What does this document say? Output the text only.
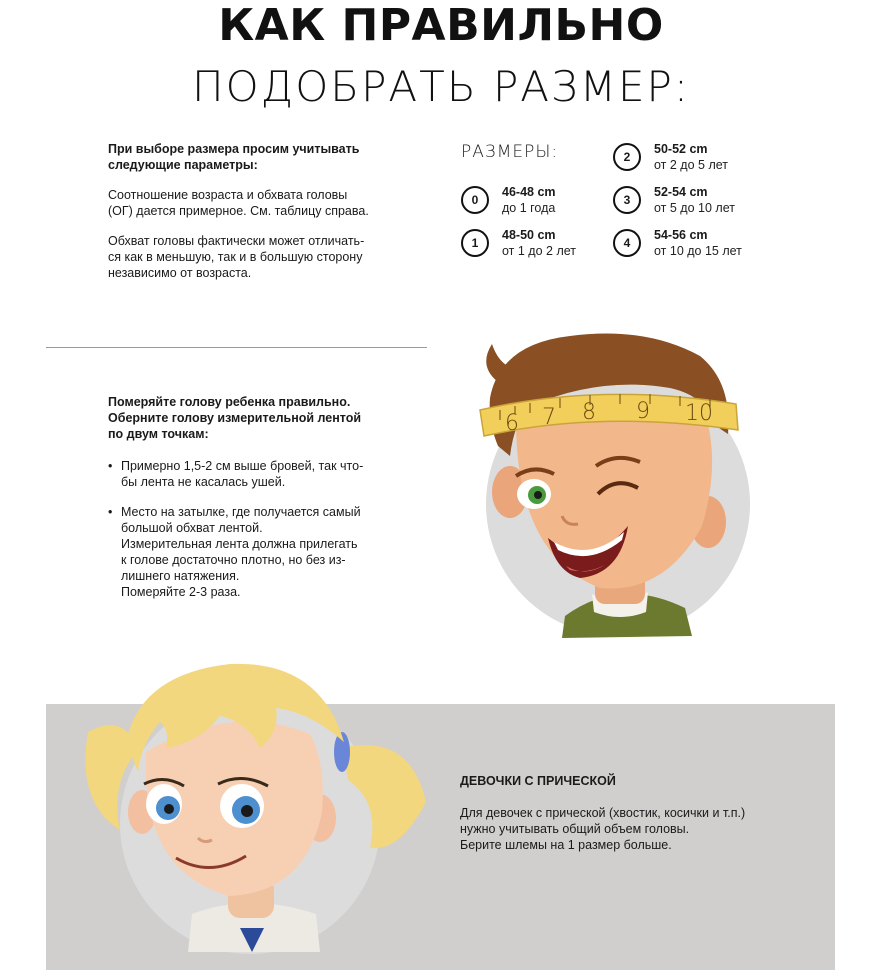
КАК ПРАВИЛЬНО
ПОДОБРАТЬ РАЗМЕР:
При выборе размера просим учитывать
следующие параметры:
Соотношение возраста и обхвата головы
(ОГ) дается примерное. См. таблицу справа.
Обхват головы фактически может отличать-
ся как в меньшую, так и в большую сторону
независимо от возраста.
РАЗМЕРЫ:
0
46-48 cm
до 1 года
1
48-50 cm
от 1 до 2 лет
2
50-52 cm
от 2 до 5 лет
3
52-54 cm
от 5 до 10 лет
4
54-56 cm
от 10 до 15 лет
Померяйте голову ребенка правильно.
Оберните голову измерительной лентой
по двум точкам:
• Примерно 1,5-2 см выше бровей, так что-
бы лента не касалась ушей.
• Место на затылке, где получается самый
большой обхват лентой.
Измерительная лента должна прилегать
к голове достаточно плотно, но без из-
лишнего натяжения.
Померяйте 2-3 раза.
6 7 8 9 10
ДЕВОЧКИ С ПРИЧЕСКОЙ
Для девочек с прической (хвостик, косички и т.п.)
нужно учитывать общий объем головы.
Берите шлемы на 1 размер больше.
